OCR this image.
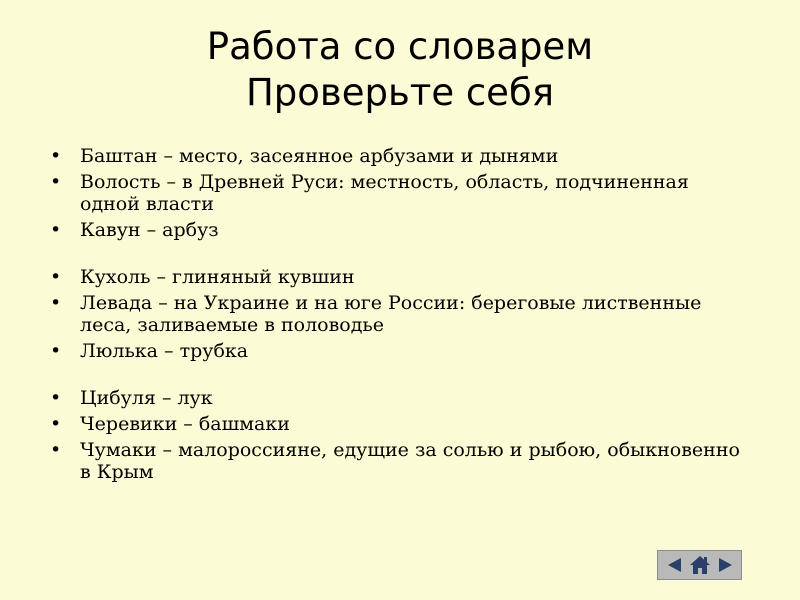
Работа со словарем
Проверьте себя
• Баштан – место, засеянное арбузами и дынями
• Волость – в Древней Руси: местность, область, подчиненная одной власти
• Кавун – арбуз
• Кухоль – глиняный кувшин
• Левада – на Украине и на юге России: береговые лиственные леса, заливаемые в половодье
• Люлька – трубка
• Цибуля – лук
• Черевики – башмаки
• Чумаки – малороссияне, едущие за солью и рыбою, обыкновенно в Крым
